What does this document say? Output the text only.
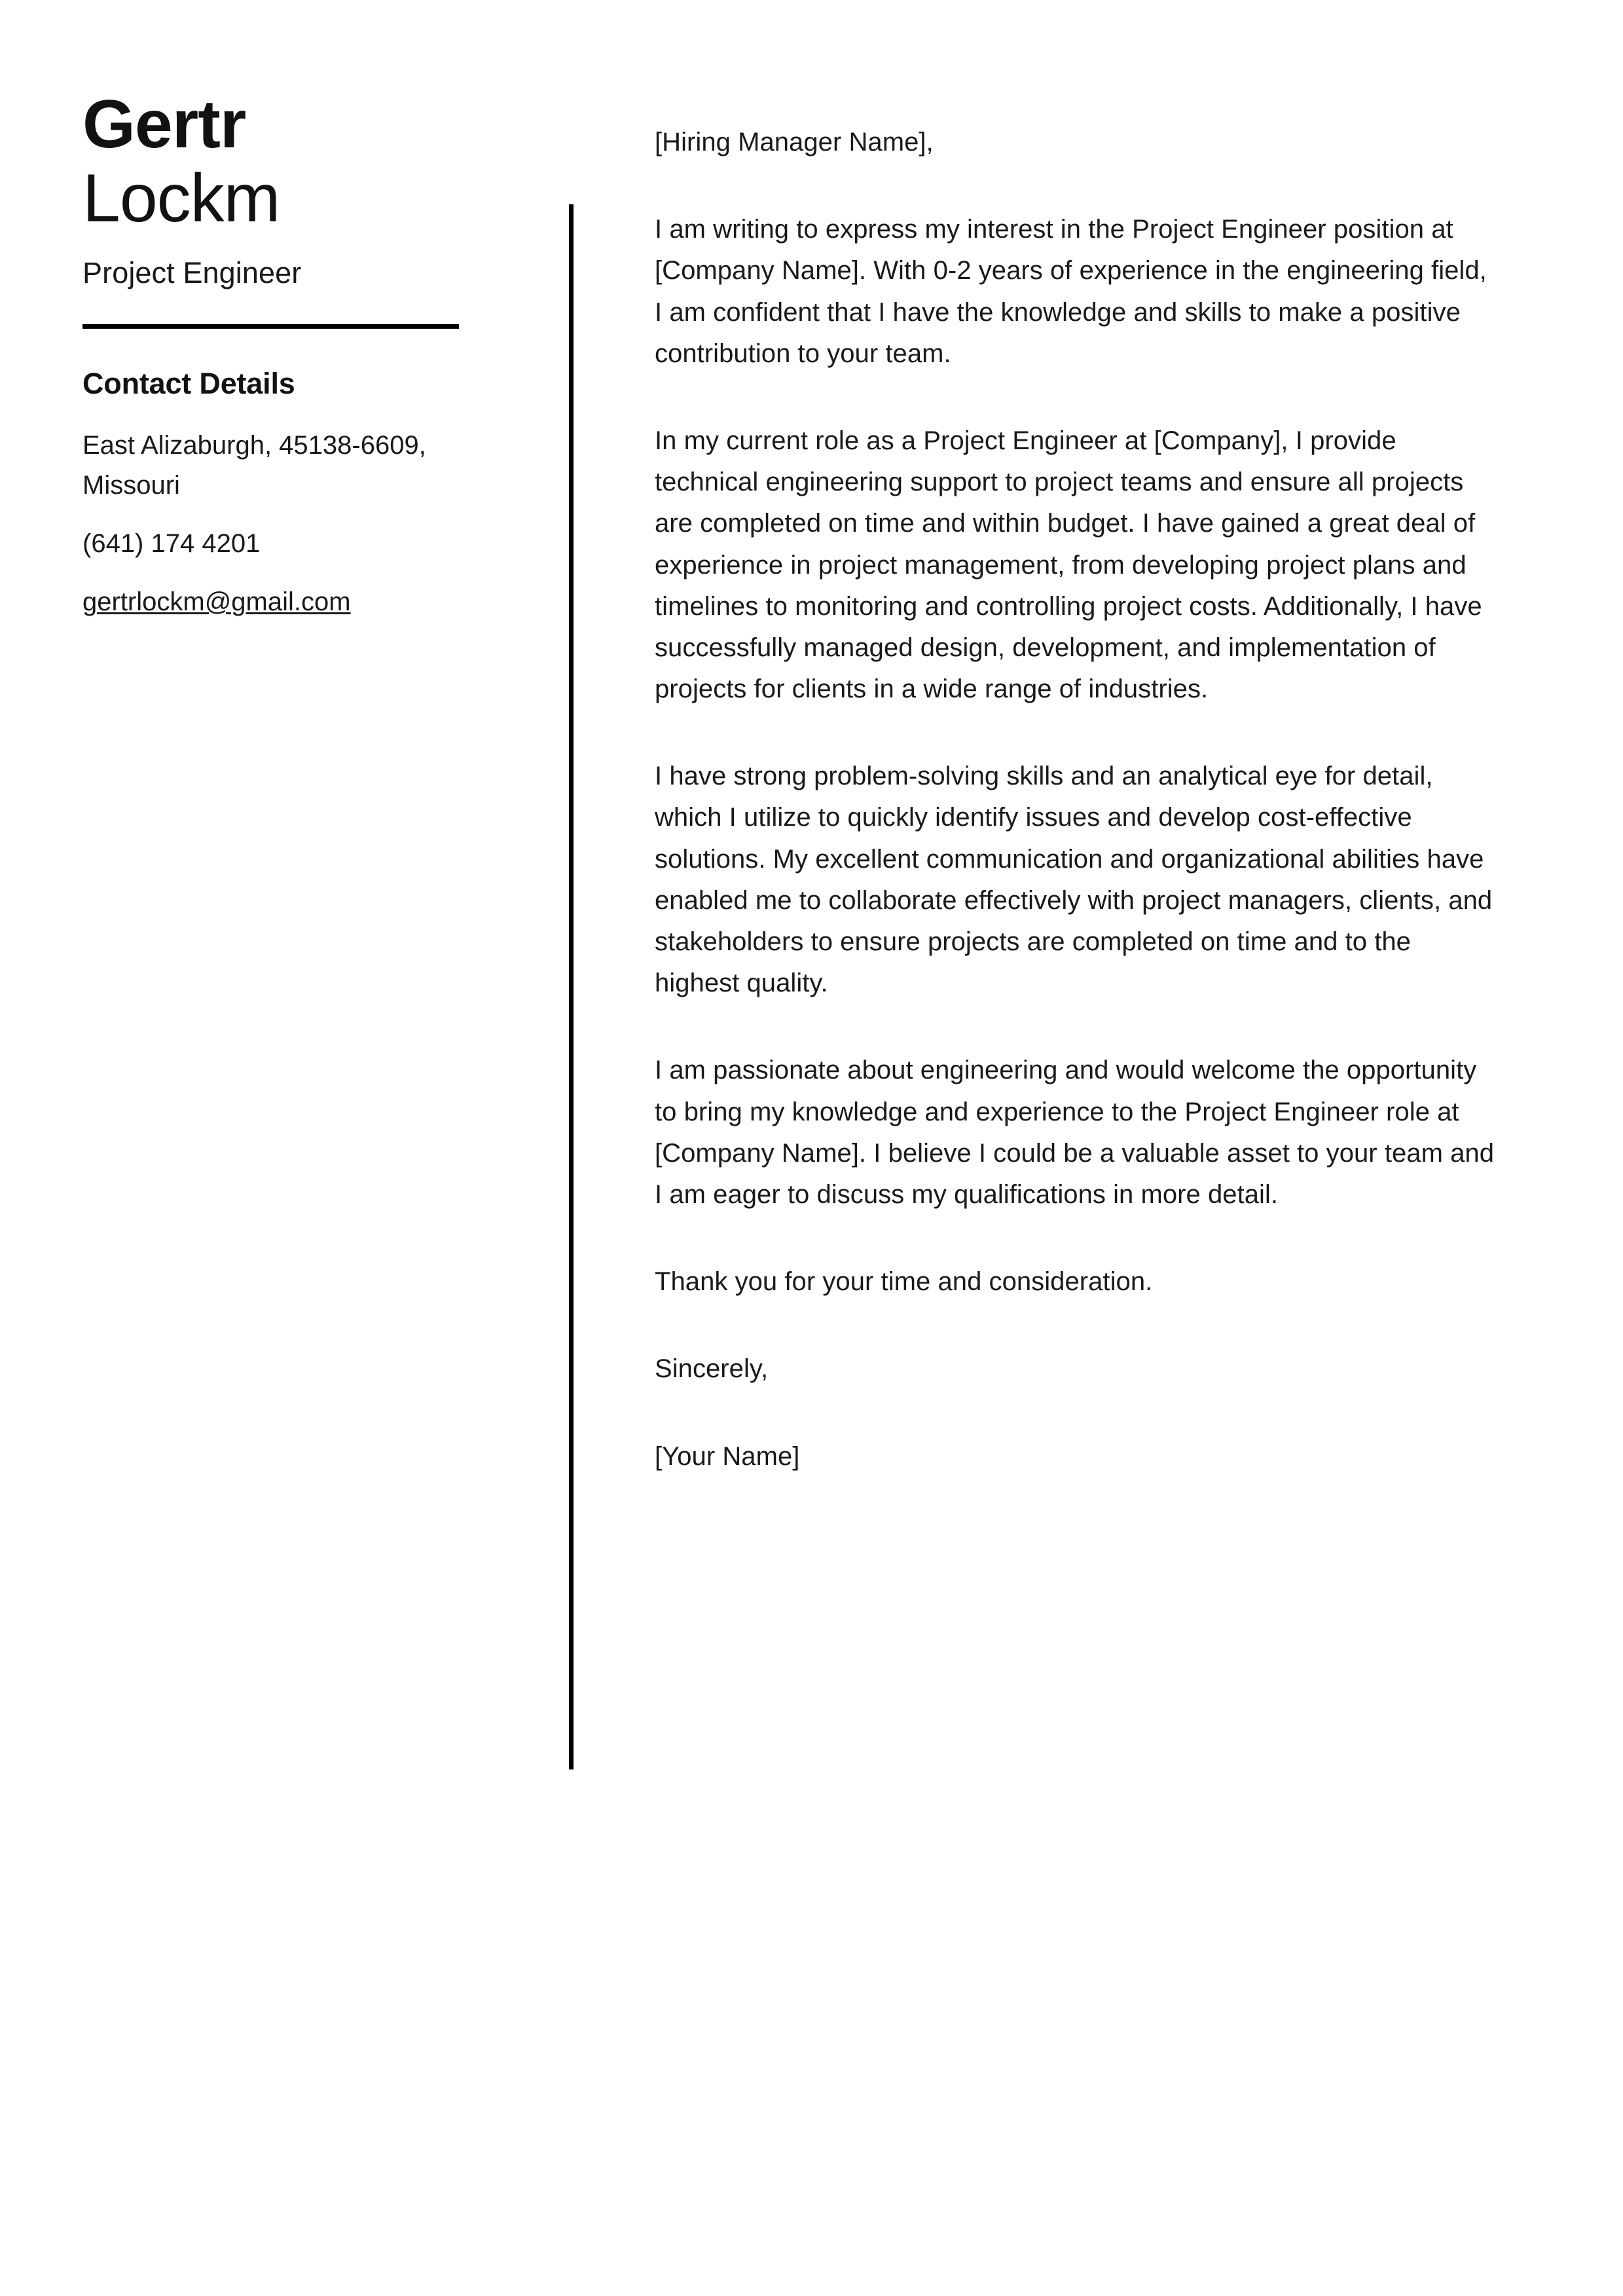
Gertr
Lockm
Project Engineer
Contact Details
East Alizaburgh, 45138-6609, Missouri
(641) 174 4201
gertrlockm@gmail.com

[Hiring Manager Name],

I am writing to express my interest in the Project Engineer position at [Company Name]. With 0-2 years of experience in the engineering field, I am confident that I have the knowledge and skills to make a positive contribution to your team.

In my current role as a Project Engineer at [Company], I provide technical engineering support to project teams and ensure all projects are completed on time and within budget. I have gained a great deal of experience in project management, from developing project plans and timelines to monitoring and controlling project costs. Additionally, I have successfully managed design, development, and implementation of projects for clients in a wide range of industries.

I have strong problem-solving skills and an analytical eye for detail, which I utilize to quickly identify issues and develop cost-effective solutions. My excellent communication and organizational abilities have enabled me to collaborate effectively with project managers, clients, and stakeholders to ensure projects are completed on time and to the highest quality.

I am passionate about engineering and would welcome the opportunity to bring my knowledge and experience to the Project Engineer role at [Company Name]. I believe I could be a valuable asset to your team and I am eager to discuss my qualifications in more detail.

Thank you for your time and consideration.

Sincerely,

[Your Name]
